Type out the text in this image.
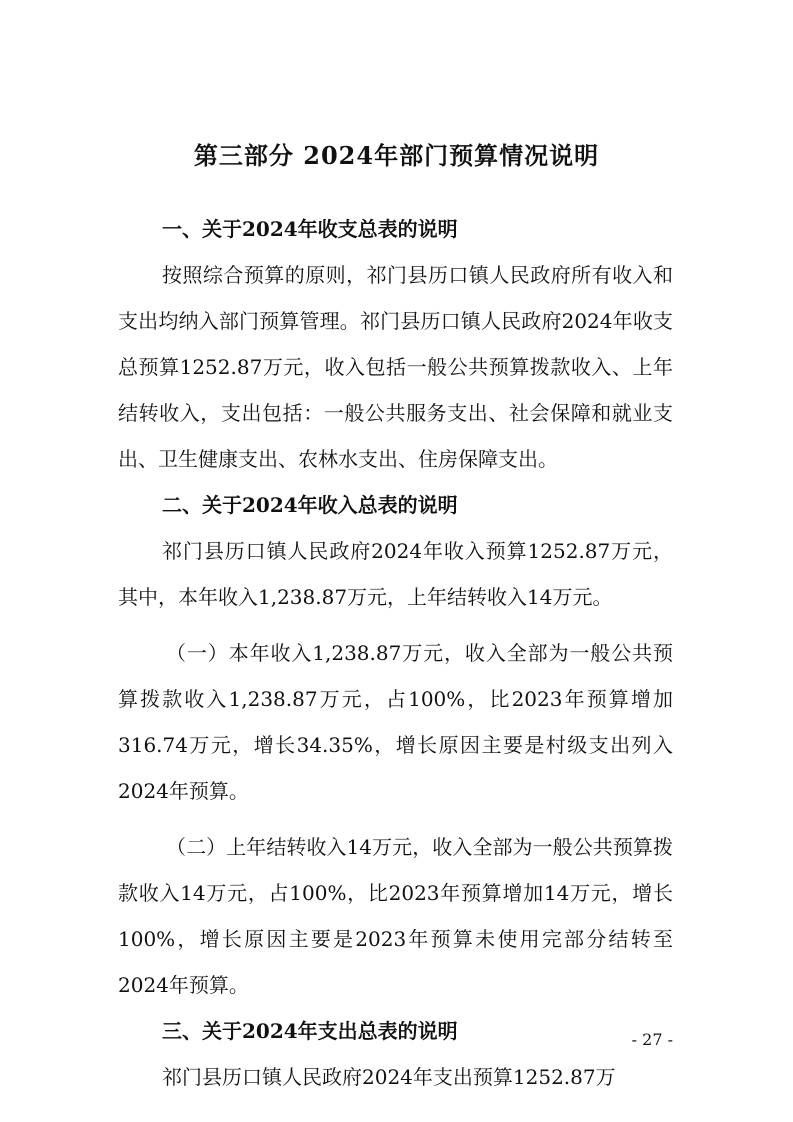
第三部分 2024年部门预算情况说明
一、关于2024年收支总表的说明

按照综合预算的原则，祁门县历口镇人民政府所有收入和支出均纳入部门预算管理。祁门县历口镇人民政府2024年收支总预算1252.87万元，收入包括一般公共预算拨款收入、上年结转收入，支出包括：一般公共服务支出、社会保障和就业支出、卫生健康支出、农林水支出、住房保障支出。

二、关于2024年收入总表的说明

祁门县历口镇人民政府2024年收入预算1252.87万元，其中，本年收入1,238.87万元，上年结转收入14万元。

（一）本年收入1,238.87万元，收入全部为一般公共预算拨款收入1,238.87万元，占100%，比2023年预算增加316.74万元，增长34.35%，增长原因主要是村级支出列入2024年预算。

（二）上年结转收入14万元，收入全部为一般公共预算拨款收入14万元，占100%，比2023年预算增加14万元，增长100%，增长原因主要是2023年预算未使用完部分结转至2024年预算。

三、关于2024年支出总表的说明

祁门县历口镇人民政府2024年支出预算1252.87万

- 27 -
